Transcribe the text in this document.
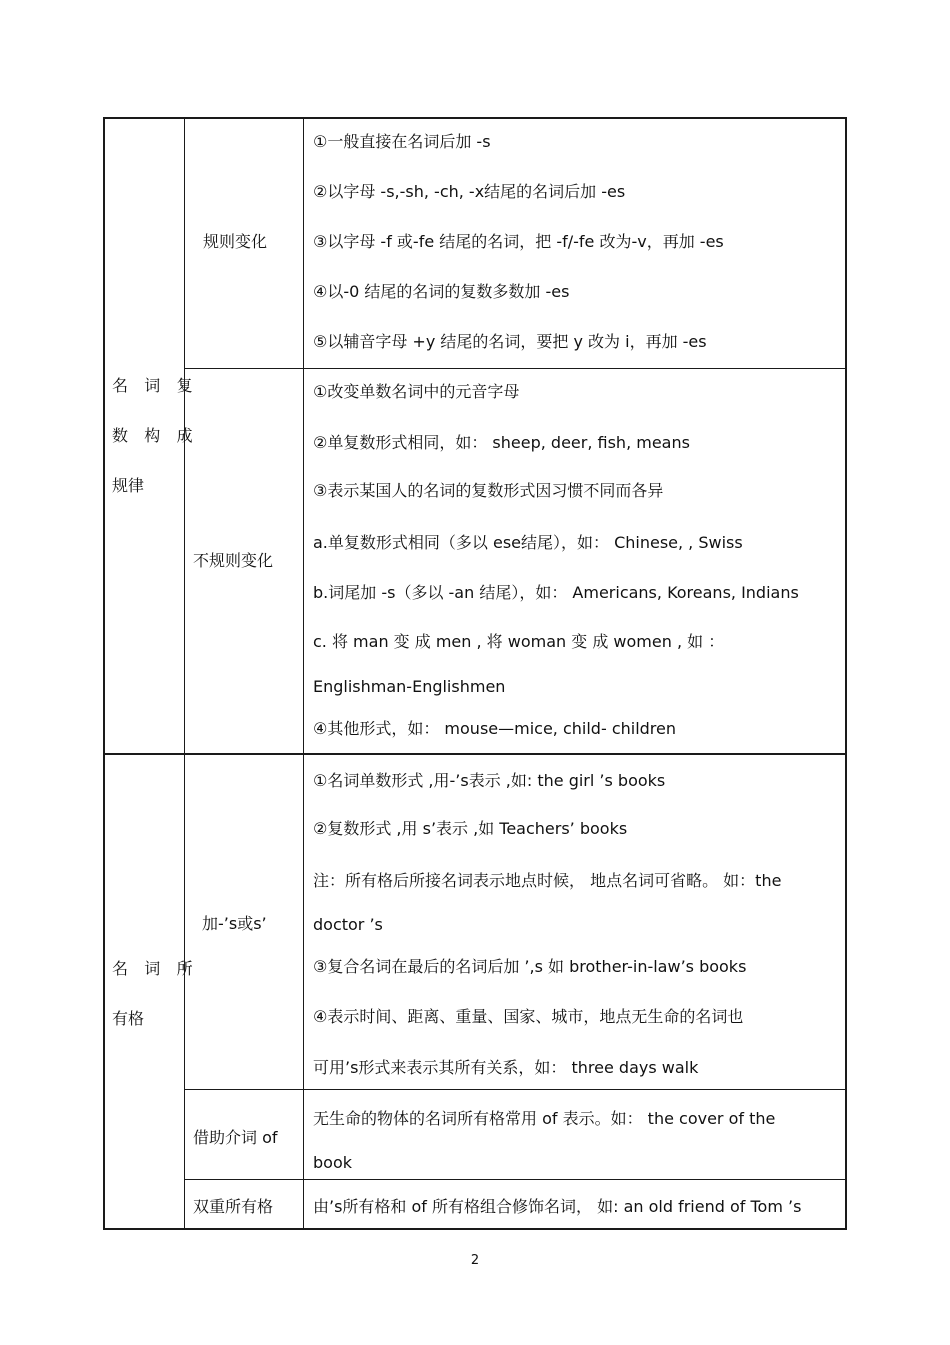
名 词 复
数 构 成
规律
规则变化
①一般直接在名词后加 -s
②以字母 -s,-sh, -ch, -x结尾的名词后加 -es
③以字母 -f 或-fe 结尾的名词，把 -f/-fe 改为-v，再加 -es
④以-0 结尾的名词的复数多数加 -es
⑤以辅音字母 +y 结尾的名词，要把 y 改为 i，再加 -es
不规则变化
①改变单数名词中的元音字母
②单复数形式相同，如： sheep, deer, fish, means
③表示某国人的名词的复数形式因习惯不同而各异
a.单复数形式相同（多以 ese结尾），如： Chinese, , Swiss
b.词尾加 -s（多以 -an 结尾），如： Americans, Koreans, Indians
c. 将 man 变 成 men , 将 woman 变 成 women , 如 ：
Englishman-Englishmen
④其他形式，如： mouse—mice, child- children
名 词 所
有格
加-’s或s’
①名词单数形式 ,用-’s表示 ,如: the girl ’s books
②复数形式 ,用 s’表示 ,如 Teachers’ books
注：所有格后所接名词表示地点时候， 地点名词可省略。 如：the
doctor ’s
③复合名词在最后的名词后加 ’,s 如 brother-in-law’s books
④表示时间、距离、重量、国家、城市，地点无生命的名词也
可用’s形式来表示其所有关系，如： three days walk
借助介词 of
无生命的物体的名词所有格常用 of 表示。如： the cover of the
book
双重所有格 由’s所有格和 of 所有格组合修饰名词， 如: an old friend of Tom ’s
2
